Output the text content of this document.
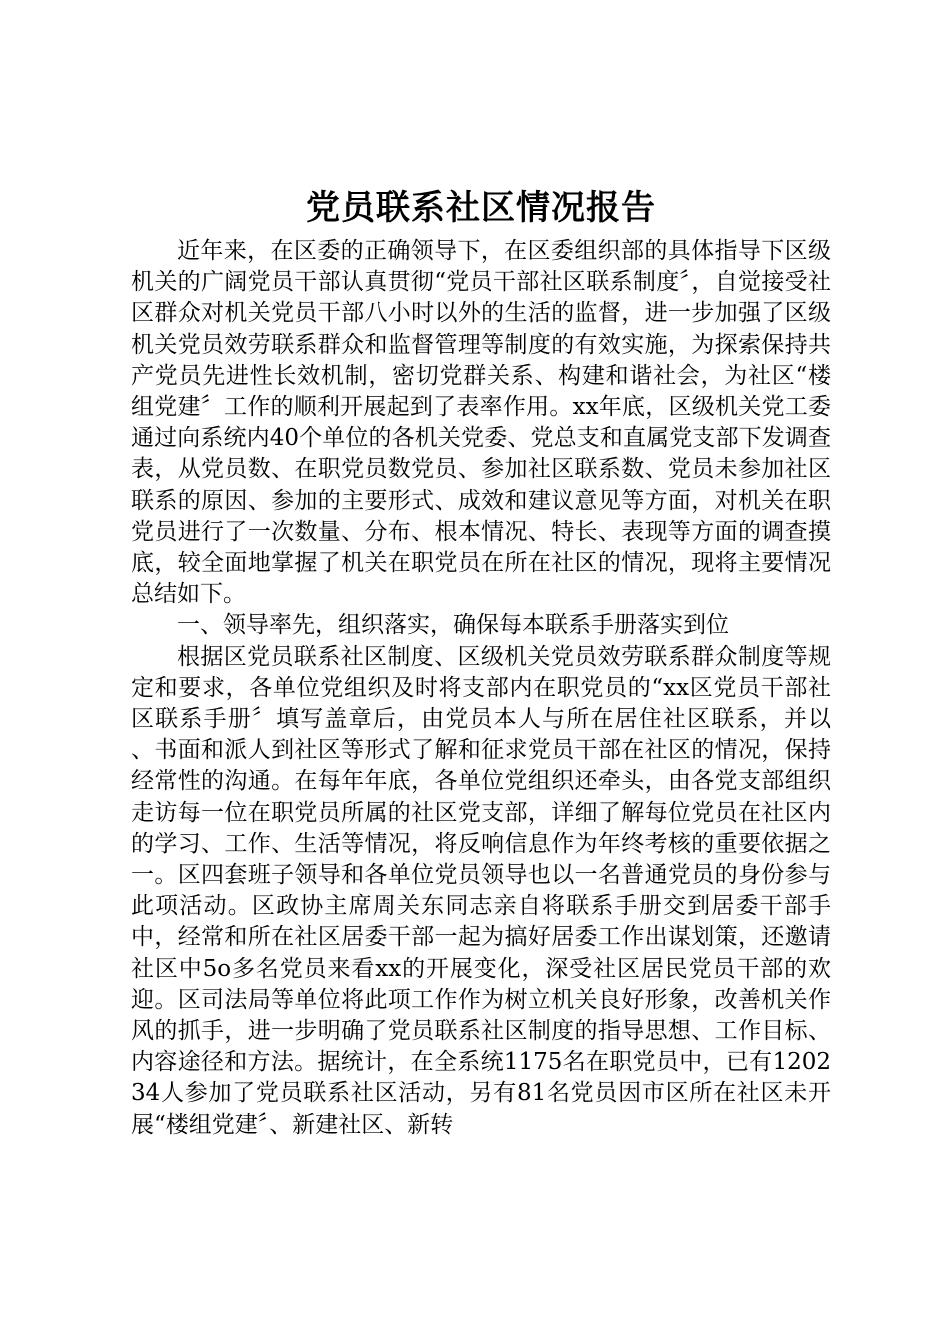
党员联系社区情况报告

近年来，在区委的正确领导下，在区委组织部的具体指导下区级机关的广阔党员干部认真贯彻“党员干部社区联系制度〞，自觉接受社区群众对机关党员干部八小时以外的生活的监督，进一步加强了区级机关党员效劳联系群众和监督管理等制度的有效实施，为探索保持共产党员先进性长效机制，密切党群关系、构建和谐社会，为社区“楼组党建〞工作的顺利开展起到了表率作用。xx年底，区级机关党工委通过向系统内40个单位的各机关党委、党总支和直属党支部下发调查表，从党员数、在职党员数党员、参加社区联系数、党员未参加社区联系的原因、参加的主要形式、成效和建议意见等方面，对机关在职党员进行了一次数量、分布、根本情况、特长、表现等方面的调查摸底，较全面地掌握了机关在职党员在所在社区的情况，现将主要情况总结如下。

一、领导率先，组织落实，确保每本联系手册落实到位

根据区党员联系社区制度、区级机关党员效劳联系群众制度等规定和要求，各单位党组织及时将支部内在职党员的“xx区党员干部社区联系手册〞填写盖章后，由党员本人与所在居住社区联系，并以　　、书面和派人到社区等形式了解和征求党员干部在社区的情况，保持经常性的沟通。在每年年底，各单位党组织还牵头，由各党支部组织走访每一位在职党员所属的社区党支部，详细了解每位党员在社区内的学习、工作、生活等情况，将反响信息作为年终考核的重要依据之一。区四套班子领导和各单位党员领导也以一名普通党员的身份参与此项活动。区政协主席周关东同志亲自将联系手册交到居委干部手中，经常和所在社区居委干部一起为搞好居委工作出谋划策，还邀请社区中5o多名党员来看xx的开展变化，深受社区居民党员干部的欢迎。区司法局等单位将此项工作作为树立机关良好形象，改善机关作风的抓手，进一步明确了党员联系社区制度的指导思想、工作目标、内容途径和方法。据统计，在全系统1175名在职党员中，已有120234人参加了党员联系社区活动，另有81名党员因市区所在社区未开展“楼组党建〞、新建社区、新转
